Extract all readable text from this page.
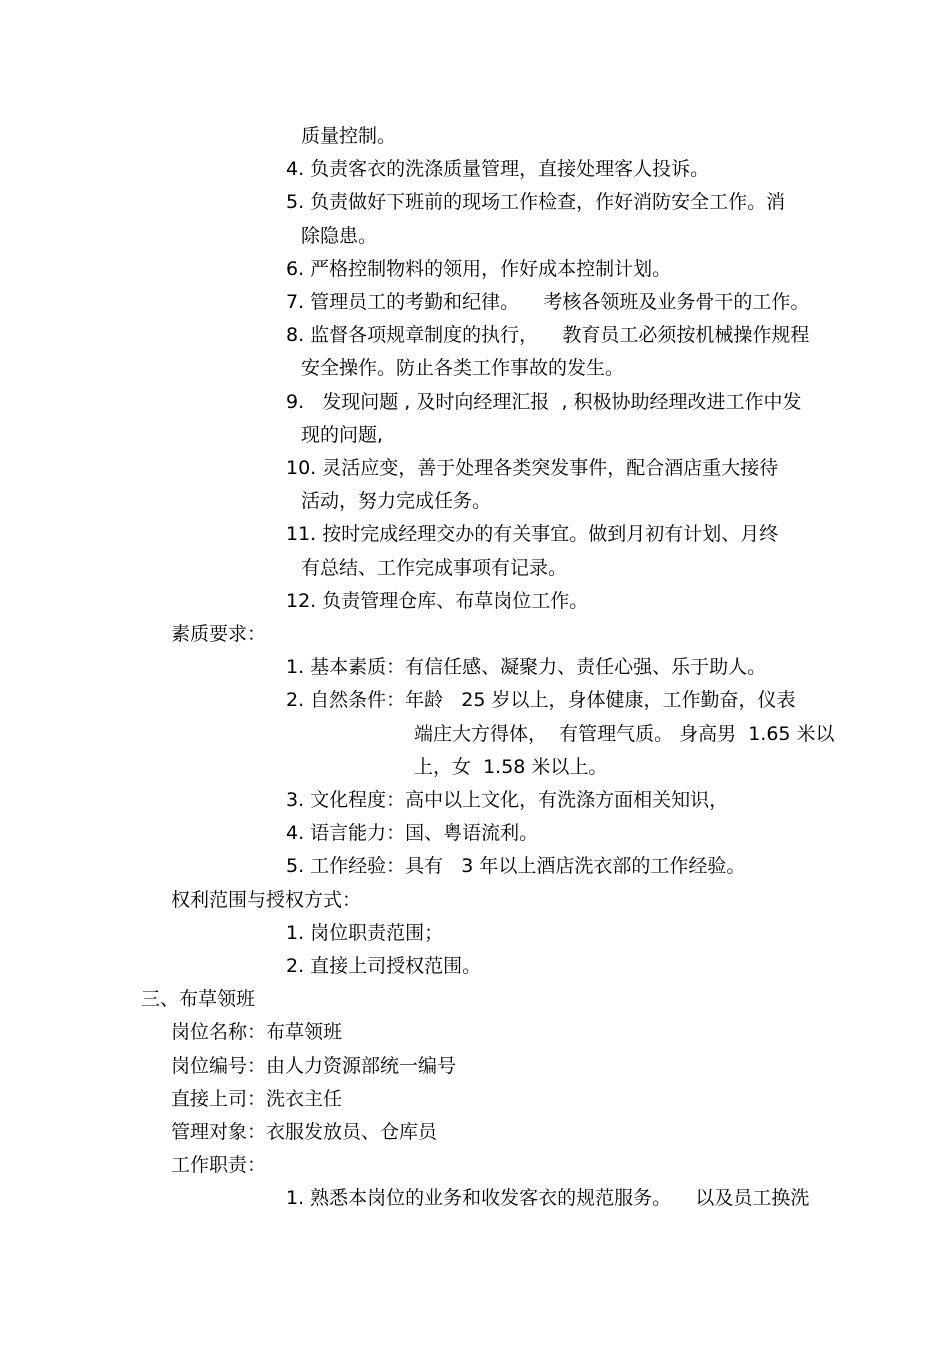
质量控制。

4. 负责客衣的洗涤质量管理，直接处理客人投诉。

5. 负责做好下班前的现场工作检查，作好消防安全工作。消

除隐患。

6. 严格控制物料的领用，作好成本控制计划。

7. 管理员工的考勤和纪律。    考核各领班及业务骨干的工作。

8. 监督各项规章制度的执行，    教育员工必须按机械操作规程

安全操作。防止各类工作事故的发生。

9.   发现问题 , 及时向经理汇报  , 积极协助经理改进工作中发

现的问题,

10. 灵活应变，善于处理各类突发事件，配合酒店重大接待

活动，努力完成任务。

11. 按时完成经理交办的有关事宜。做到月初有计划、月终

有总结、工作完成事项有记录。

12. 负责管理仓库、布草岗位工作。

素质要求：

1. 基本素质：有信任感、凝聚力、责任心强、乐于助人。

2. 自然条件：年龄   25 岁以上，身体健康，工作勤奋，仪表

端庄大方得体，  有管理气质。 身高男  1.65 米以

上，女  1.58 米以上。

3. 文化程度：高中以上文化，有洗涤方面相关知识，

4. 语言能力：国、粤语流利。

5. 工作经验：具有   3 年以上酒店洗衣部的工作经验。

权利范围与授权方式：

1. 岗位职责范围；

2. 直接上司授权范围。

三、布草领班

岗位名称：布草领班

岗位编号：由人力资源部统一编号

直接上司：洗衣主任

管理对象：衣服发放员、仓库员

工作职责：

1. 熟悉本岗位的业务和收发客衣的规范服务。    以及员工换洗
